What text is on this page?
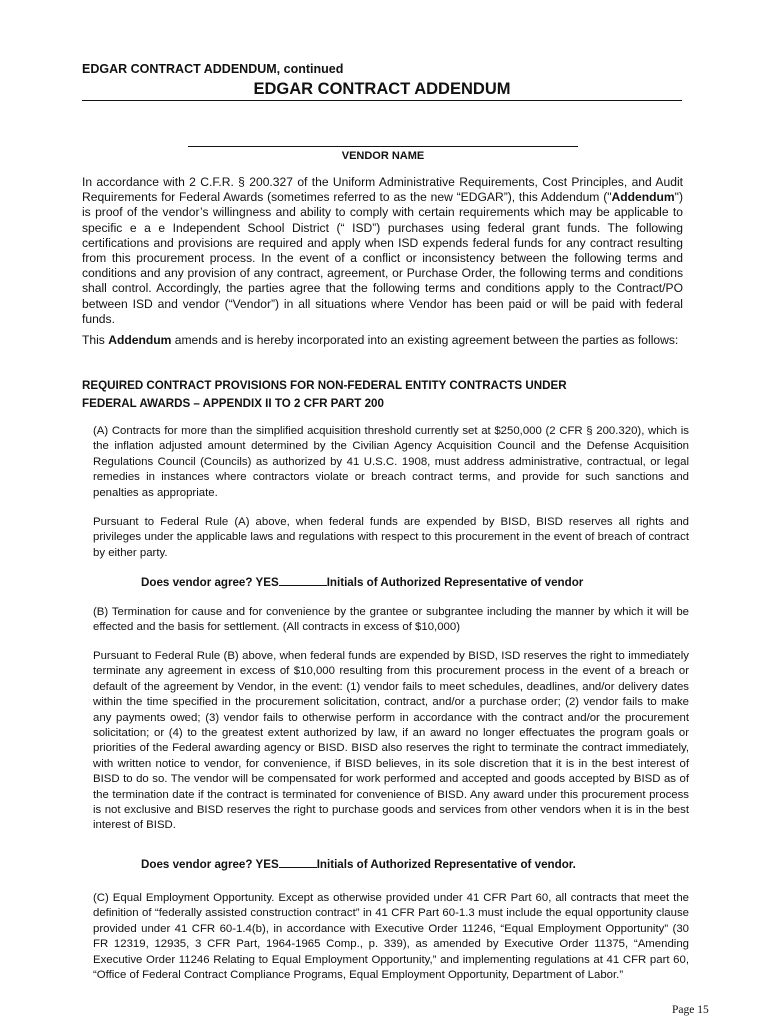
EDGAR CONTRACT ADDENDUM, continued
EDGAR CONTRACT ADDENDUM
VENDOR NAME

In accordance with 2 C.F.R. § 200.327 of the Uniform Administrative Requirements, Cost Principles, and Audit Requirements for Federal Awards (sometimes referred to as the new “EDGAR”), this Addendum ("Addendum") is proof of the vendor’s willingness and ability to comply with certain requirements which may be applicable to specific e a e Independent School District (“ ISD”) purchases using federal grant funds. The following certifications and provisions are required and apply when ISD expends federal funds for any contract resulting from this procurement process. In the event of a conflict or inconsistency between the following terms and conditions and any provision of any contract, agreement, or Purchase Order, the following terms and conditions shall control. Accordingly, the parties agree that the following terms and conditions apply to the Contract/PO between ISD and vendor (“Vendor”) in all situations where Vendor has been paid or will be paid with federal funds.

This Addendum amends and is hereby incorporated into an existing agreement between the parties as follows:

REQUIRED CONTRACT PROVISIONS FOR NON-FEDERAL ENTITY CONTRACTS UNDER
FEDERAL AWARDS – APPENDIX II TO 2 CFR PART 200

(A) Contracts for more than the simplified acquisition threshold currently set at $250,000 (2 CFR § 200.320), which is the inflation adjusted amount determined by the Civilian Agency Acquisition Council and the Defense Acquisition Regulations Council (Councils) as authorized by 41 U.S.C. 1908, must address administrative, contractual, or legal remedies in instances where contractors violate or breach contract terms, and provide for such sanctions and penalties as appropriate.

Pursuant to Federal Rule (A) above, when federal funds are expended by BISD, BISD reserves all rights and privileges under the applicable laws and regulations with respect to this procurement in the event of breach of contract by either party.

Does vendor agree? YES	Initials of Authorized Representative of vendor

(B) Termination for cause and for convenience by the grantee or subgrantee including the manner by which it will be effected and the basis for settlement. (All contracts in excess of $10,000)

Pursuant to Federal Rule (B) above, when federal funds are expended by BISD, ISD reserves the right to immediately terminate any agreement in excess of $10,000 resulting from this procurement process in the event of a breach or default of the agreement by Vendor, in the event: (1) vendor fails to meet schedules, deadlines, and/or delivery dates within the time specified in the procurement solicitation, contract, and/or a purchase order; (2) vendor fails to make any payments owed; (3) vendor fails to otherwise perform in accordance with the contract and/or the procurement solicitation; or (4) to the greatest extent authorized by law, if an award no longer effectuates the program goals or priorities of the Federal awarding agency or BISD. BISD also reserves the right to terminate the contract immediately, with written notice to vendor, for convenience, if BISD believes, in its sole discretion that it is in the best interest of BISD to do so. The vendor will be compensated for work performed and accepted and goods accepted by BISD as of the termination date if the contract is terminated for convenience of BISD. Any award under this procurement process is not exclusive and BISD reserves the right to purchase goods and services from other vendors when it is in the best interest of BISD.

Does vendor agree? YES	Initials of Authorized Representative of vendor.

(C) Equal Employment Opportunity. Except as otherwise provided under 41 CFR Part 60, all contracts that meet the definition of “federally assisted construction contract” in 41 CFR Part 60-1.3 must include the equal opportunity clause provided under 41 CFR 60-1.4(b), in accordance with Executive Order 11246, “Equal Employment Opportunity” (30 FR 12319, 12935, 3 CFR Part, 1964-1965 Comp., p. 339), as amended by Executive Order 11375, “Amending Executive Order 11246 Relating to Equal Employment Opportunity,” and implementing regulations at 41 CFR part 60, “Office of Federal Contract Compliance Programs, Equal Employment Opportunity, Department of Labor.”

Page 15
